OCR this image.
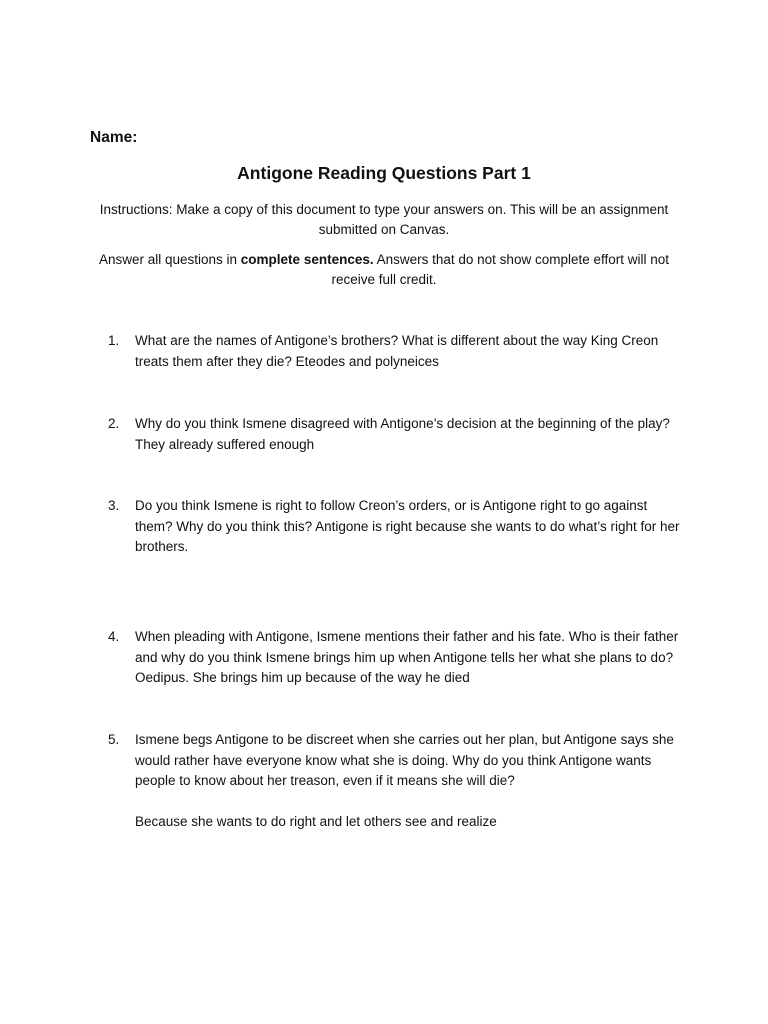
Name:
Antigone Reading Questions Part 1
Instructions: Make a copy of this document to type your answers on. This will be an assignment submitted on Canvas.
Answer all questions in complete sentences. Answers that do not show complete effort will not receive full credit.
1.	What are the names of Antigone’s brothers? What is different about the way King Creon treats them after they die? Eteodes and polyneices
2.	Why do you think Ismene disagreed with Antigone’s decision at the beginning of the play? They already suffered enough
3.	Do you think Ismene is right to follow Creon’s orders, or is Antigone right to go against them? Why do you think this? Antigone is right because she wants to do what’s right for her brothers.
4.	When pleading with Antigone, Ismene mentions their father and his fate. Who is their father and why do you think Ismene brings him up when Antigone tells her what she plans to do? Oedipus. She brings him up because of the way he died
5.	Ismene begs Antigone to be discreet when she carries out her plan, but Antigone says she would rather have everyone know what she is doing. Why do you think Antigone wants people to know about her treason, even if it means she will die?
Because she wants to do right and let others see and realize
